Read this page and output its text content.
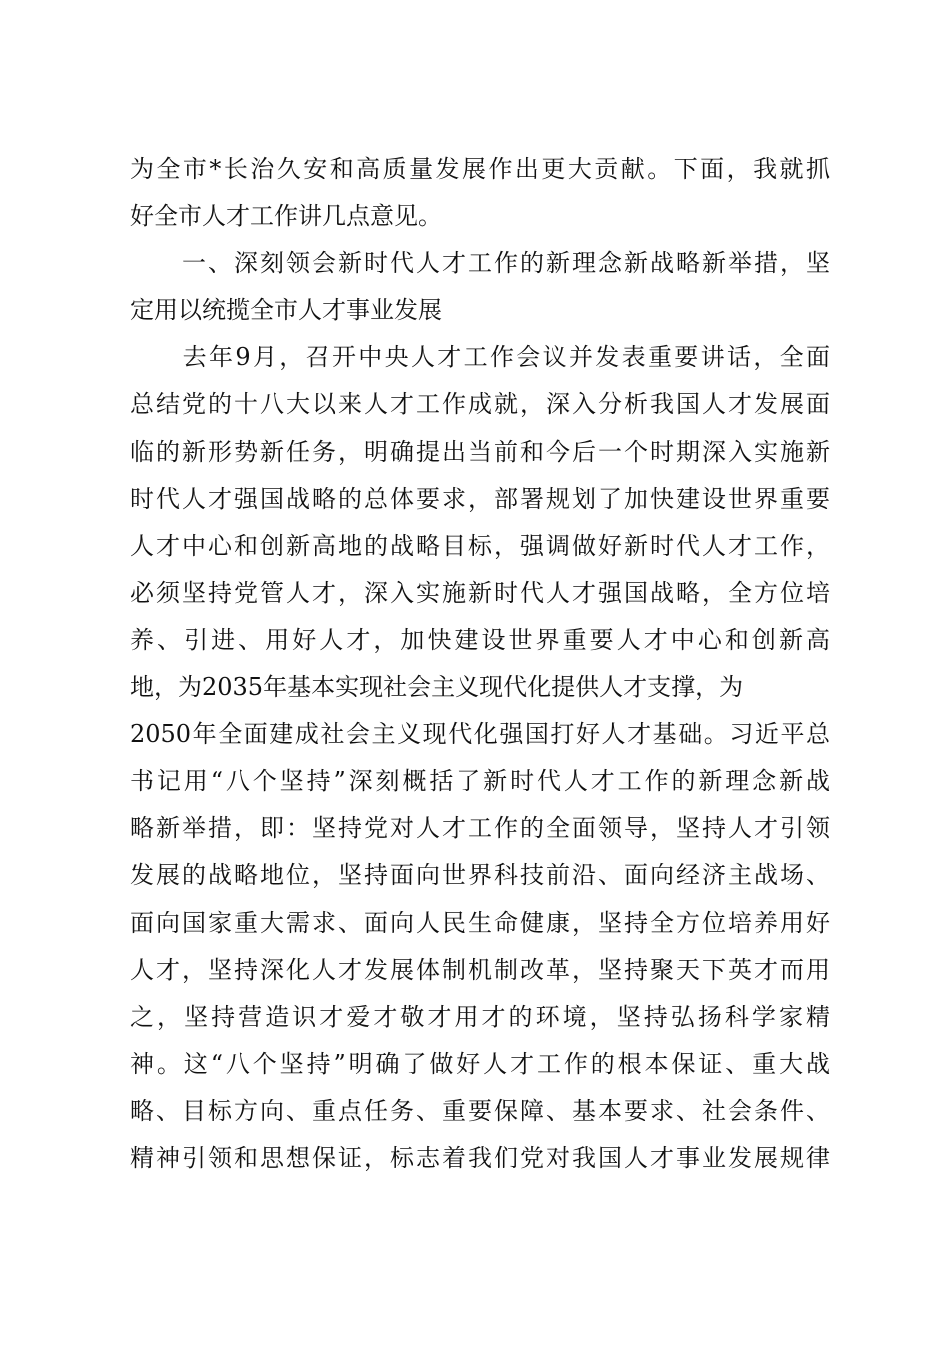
为全市*长治久安和高质量发展作出更大贡献。下面，我就抓
好全市人才工作讲几点意见。
　　一、深刻领会新时代人才工作的新理念新战略新举措，坚
定用以统揽全市人才事业发展
　　去年9月，召开中央人才工作会议并发表重要讲话，全面
总结党的十八大以来人才工作成就，深入分析我国人才发展面
临的新形势新任务，明确提出当前和今后一个时期深入实施新
时代人才强国战略的总体要求，部署规划了加快建设世界重要
人才中心和创新高地的战略目标，强调做好新时代人才工作，
必须坚持党管人才，深入实施新时代人才强国战略，全方位培
养、引进、用好人才，加快建设世界重要人才中心和创新高
地，为2035年基本实现社会主义现代化提供人才支撑，为
2050年全面建成社会主义现代化强国打好人才基础。习近平总
书记用“八个坚持”深刻概括了新时代人才工作的新理念新战
略新举措，即：坚持党对人才工作的全面领导，坚持人才引领
发展的战略地位，坚持面向世界科技前沿、面向经济主战场、
面向国家重大需求、面向人民生命健康，坚持全方位培养用好
人才，坚持深化人才发展体制机制改革，坚持聚天下英才而用
之，坚持营造识才爱才敬才用才的环境，坚持弘扬科学家精
神。这“八个坚持”明确了做好人才工作的根本保证、重大战
略、目标方向、重点任务、重要保障、基本要求、社会条件、
精神引领和思想保证，标志着我们党对我国人才事业发展规律
